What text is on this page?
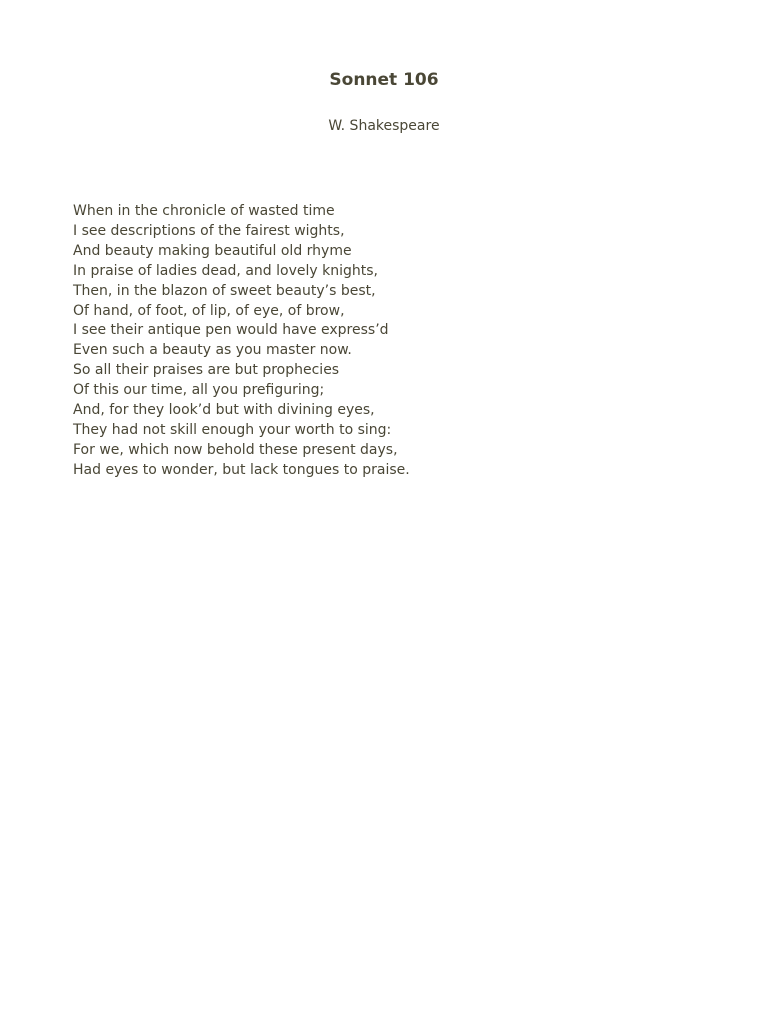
Sonnet 106

W. Shakespeare

When in the chronicle of wasted time
I see descriptions of the fairest wights,
And beauty making beautiful old rhyme
In praise of ladies dead, and lovely knights,
Then, in the blazon of sweet beauty’s best,
Of hand, of foot, of lip, of eye, of brow,
I see their antique pen would have express’d
Even such a beauty as you master now.
So all their praises are but prophecies
Of this our time, all you prefiguring;
And, for they look’d but with divining eyes,
They had not skill enough your worth to sing:
For we, which now behold these present days,
Had eyes to wonder, but lack tongues to praise.
